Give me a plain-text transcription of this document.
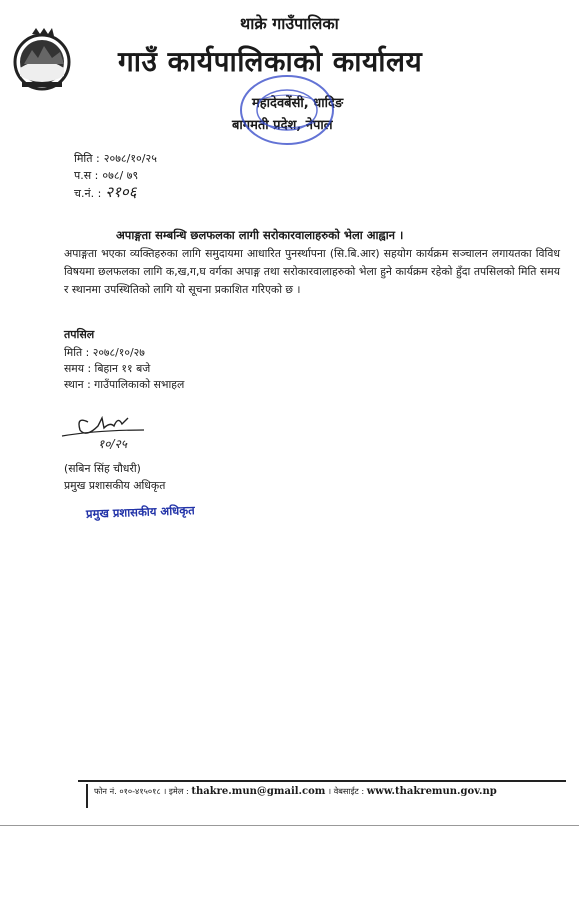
थाक्रे गाउँपालिका
गाउँ कार्यपालिकाको कार्यालय
महादेवबेंसी, धादिङ
बागमती प्रदेश, नेपाल
मिति : २०७८/१०/२५
प.स : ०७८/ ७९
च.नं. : २१०६
अपाङ्गता सम्बन्धि छलफलका लागी सरोकारवालाहरुको भेला आह्वान ।
अपाङ्गता भएका व्यक्तिहरुका लागि समुदायमा आधारित पुनर्स्थापना (सि.बि.आर) सहयोग कार्यक्रम सञ्चालन लगायतका विविध विषयमा छलफलका लागि क,ख,ग,घ वर्गका अपाङ्ग तथा सरोकारवालाहरुको भेला हुने कार्यक्रम रहेको हुँदा तपसिलको मिति समय र स्थानमा उपस्थितिको लागि यो सूचना प्रकाशित गरिएको छ ।
तपसिल
मिति : २०७८/१०/२७
समय : बिहान ११ बजे
स्थान : गाउँपालिकाको सभाहल
१०/२५
(सबिन सिंह चौधरी)
प्रमुख प्रशासकीय अधिकृत
प्रमुख प्रशासकीय अधिकृत
फोन नं. ०१०-४१५०१८ । इमेल : thakre.mun@gmail.com । वेबसाईट : www.thakremun.gov.np
